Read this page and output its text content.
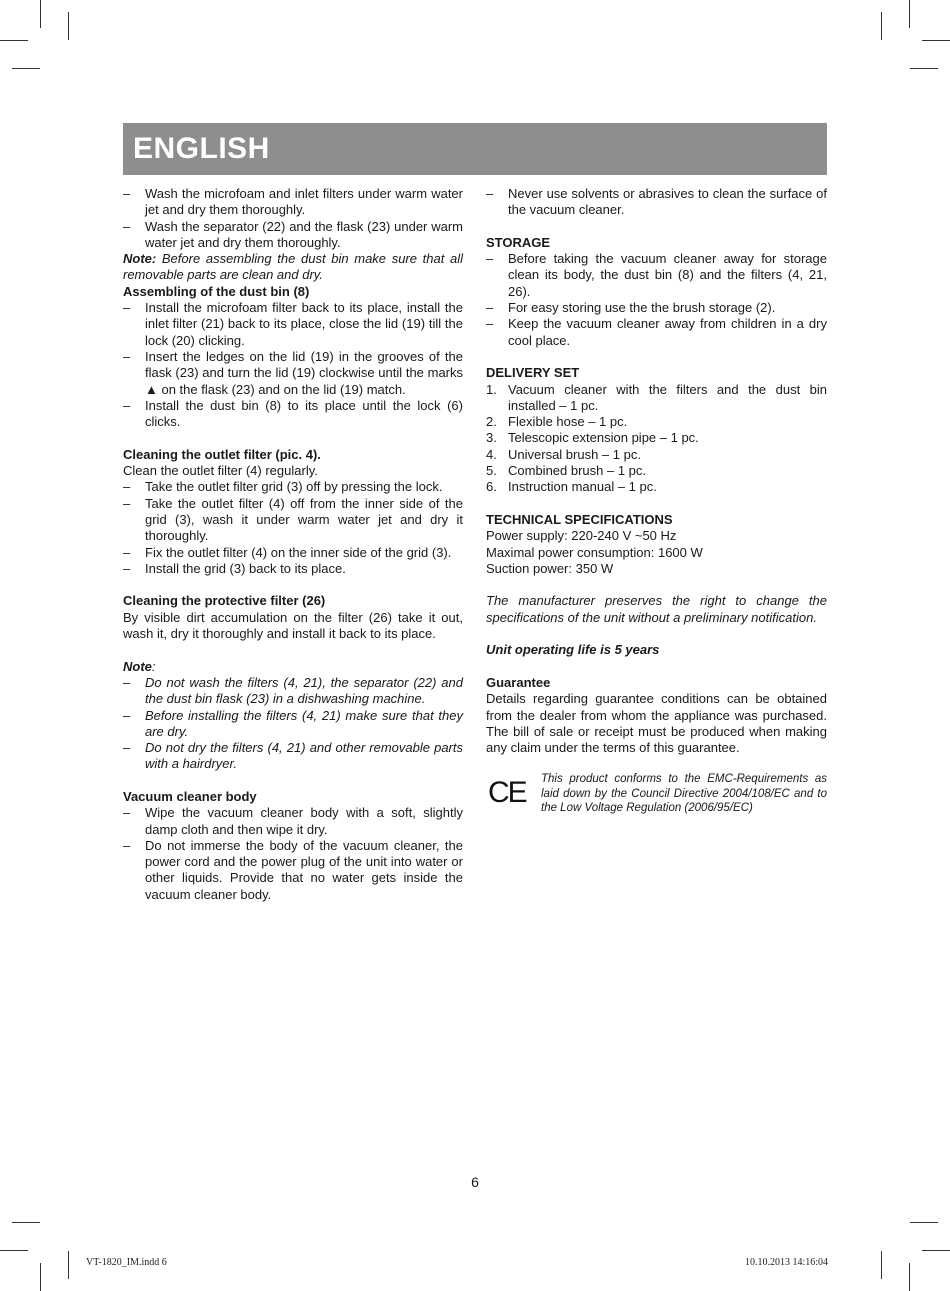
ENGLISH
–	Wash the microfoam and inlet filters under warm water jet and dry them thoroughly.
–	Wash the separator (22) and the flask (23) under warm water jet and dry them thoroughly.

Note: Before assembling the dust bin make sure that all removable parts are clean and dry.

Assembling of the dust bin (8)

–	Install the microfoam filter back to its place, install the inlet filter (21) back to its place, close the lid (19) till the lock (20) clicking.
–	Insert the ledges on the lid (19) in the grooves of the flask (23) and turn the lid (19) clockwise until the marks ▲ on the flask (23) and on the lid (19) match.
–	Install the dust bin (8) to its place until the lock (6) clicks.

Cleaning the outlet filter (pic. 4).

Clean the outlet filter (4) regularly.

–	Take the outlet filter grid (3) off by pressing the lock.
–	Take the outlet filter (4) off from the inner side of the grid (3), wash it under warm water jet and dry it thoroughly.
–	Fix the outlet filter (4) on the inner side of the grid (3).
–	Install the grid (3) back to its place.

Cleaning the protective filter (26)

By visible dirt accumulation on the filter (26) take it out, wash it, dry it thoroughly and install it back to its place.

Note:

–	Do not wash the filters (4, 21), the separator (22) and the dust bin flask (23) in a dishwashing machine.
–	Before installing the filters (4, 21) make sure that they are dry.
–	Do not dry the filters (4, 21) and other removable parts with a hairdryer.

Vacuum cleaner body

–	Wipe the vacuum cleaner body with a soft, slightly damp cloth and then wipe it dry.
–	Do not immerse the body of the vacuum cleaner, the power cord and the power plug of the unit into water or other liquids. Provide that no water gets inside the vacuum cleaner body.
–	Never use solvents or abrasives to clean the surface of the vacuum cleaner.

STORAGE

–	Before taking the vacuum cleaner away for storage clean its body, the dust bin (8) and the filters (4, 21, 26).
–	For easy storing use the the brush storage (2).
–	Keep the vacuum cleaner away from children in a dry cool place.

DELIVERY SET

1. Vacuum cleaner with the filters and the dust bin installed – 1 pc.
2. Flexible hose – 1 pc.
3. Telescopic extension pipe – 1 pc.
4. Universal brush – 1 pc.
5. Combined brush – 1 pc.
6. Instruction manual – 1 pc.

TECHNICAL SPECIFICATIONS

Power supply: 220-240 V ~50 Hz

Maximal power consumption: 1600 W

Suction power: 350 W

The manufacturer preserves the right to change the specifications of the unit without a preliminary notification.

Unit operating life is 5 years

Guarantee

Details regarding guarantee conditions can be obtained from the dealer from whom the appliance was purchased. The bill of sale or receipt must be produced when making any claim under the terms of this guarantee.

CE This product conforms to the EMC-Requirements as laid down by the Council Directive 2004/108/EC and to the Low Voltage Regulation (2006/95/EC)
6
VT-1820_IM.indd 6	10.10.2013 14:16:04
